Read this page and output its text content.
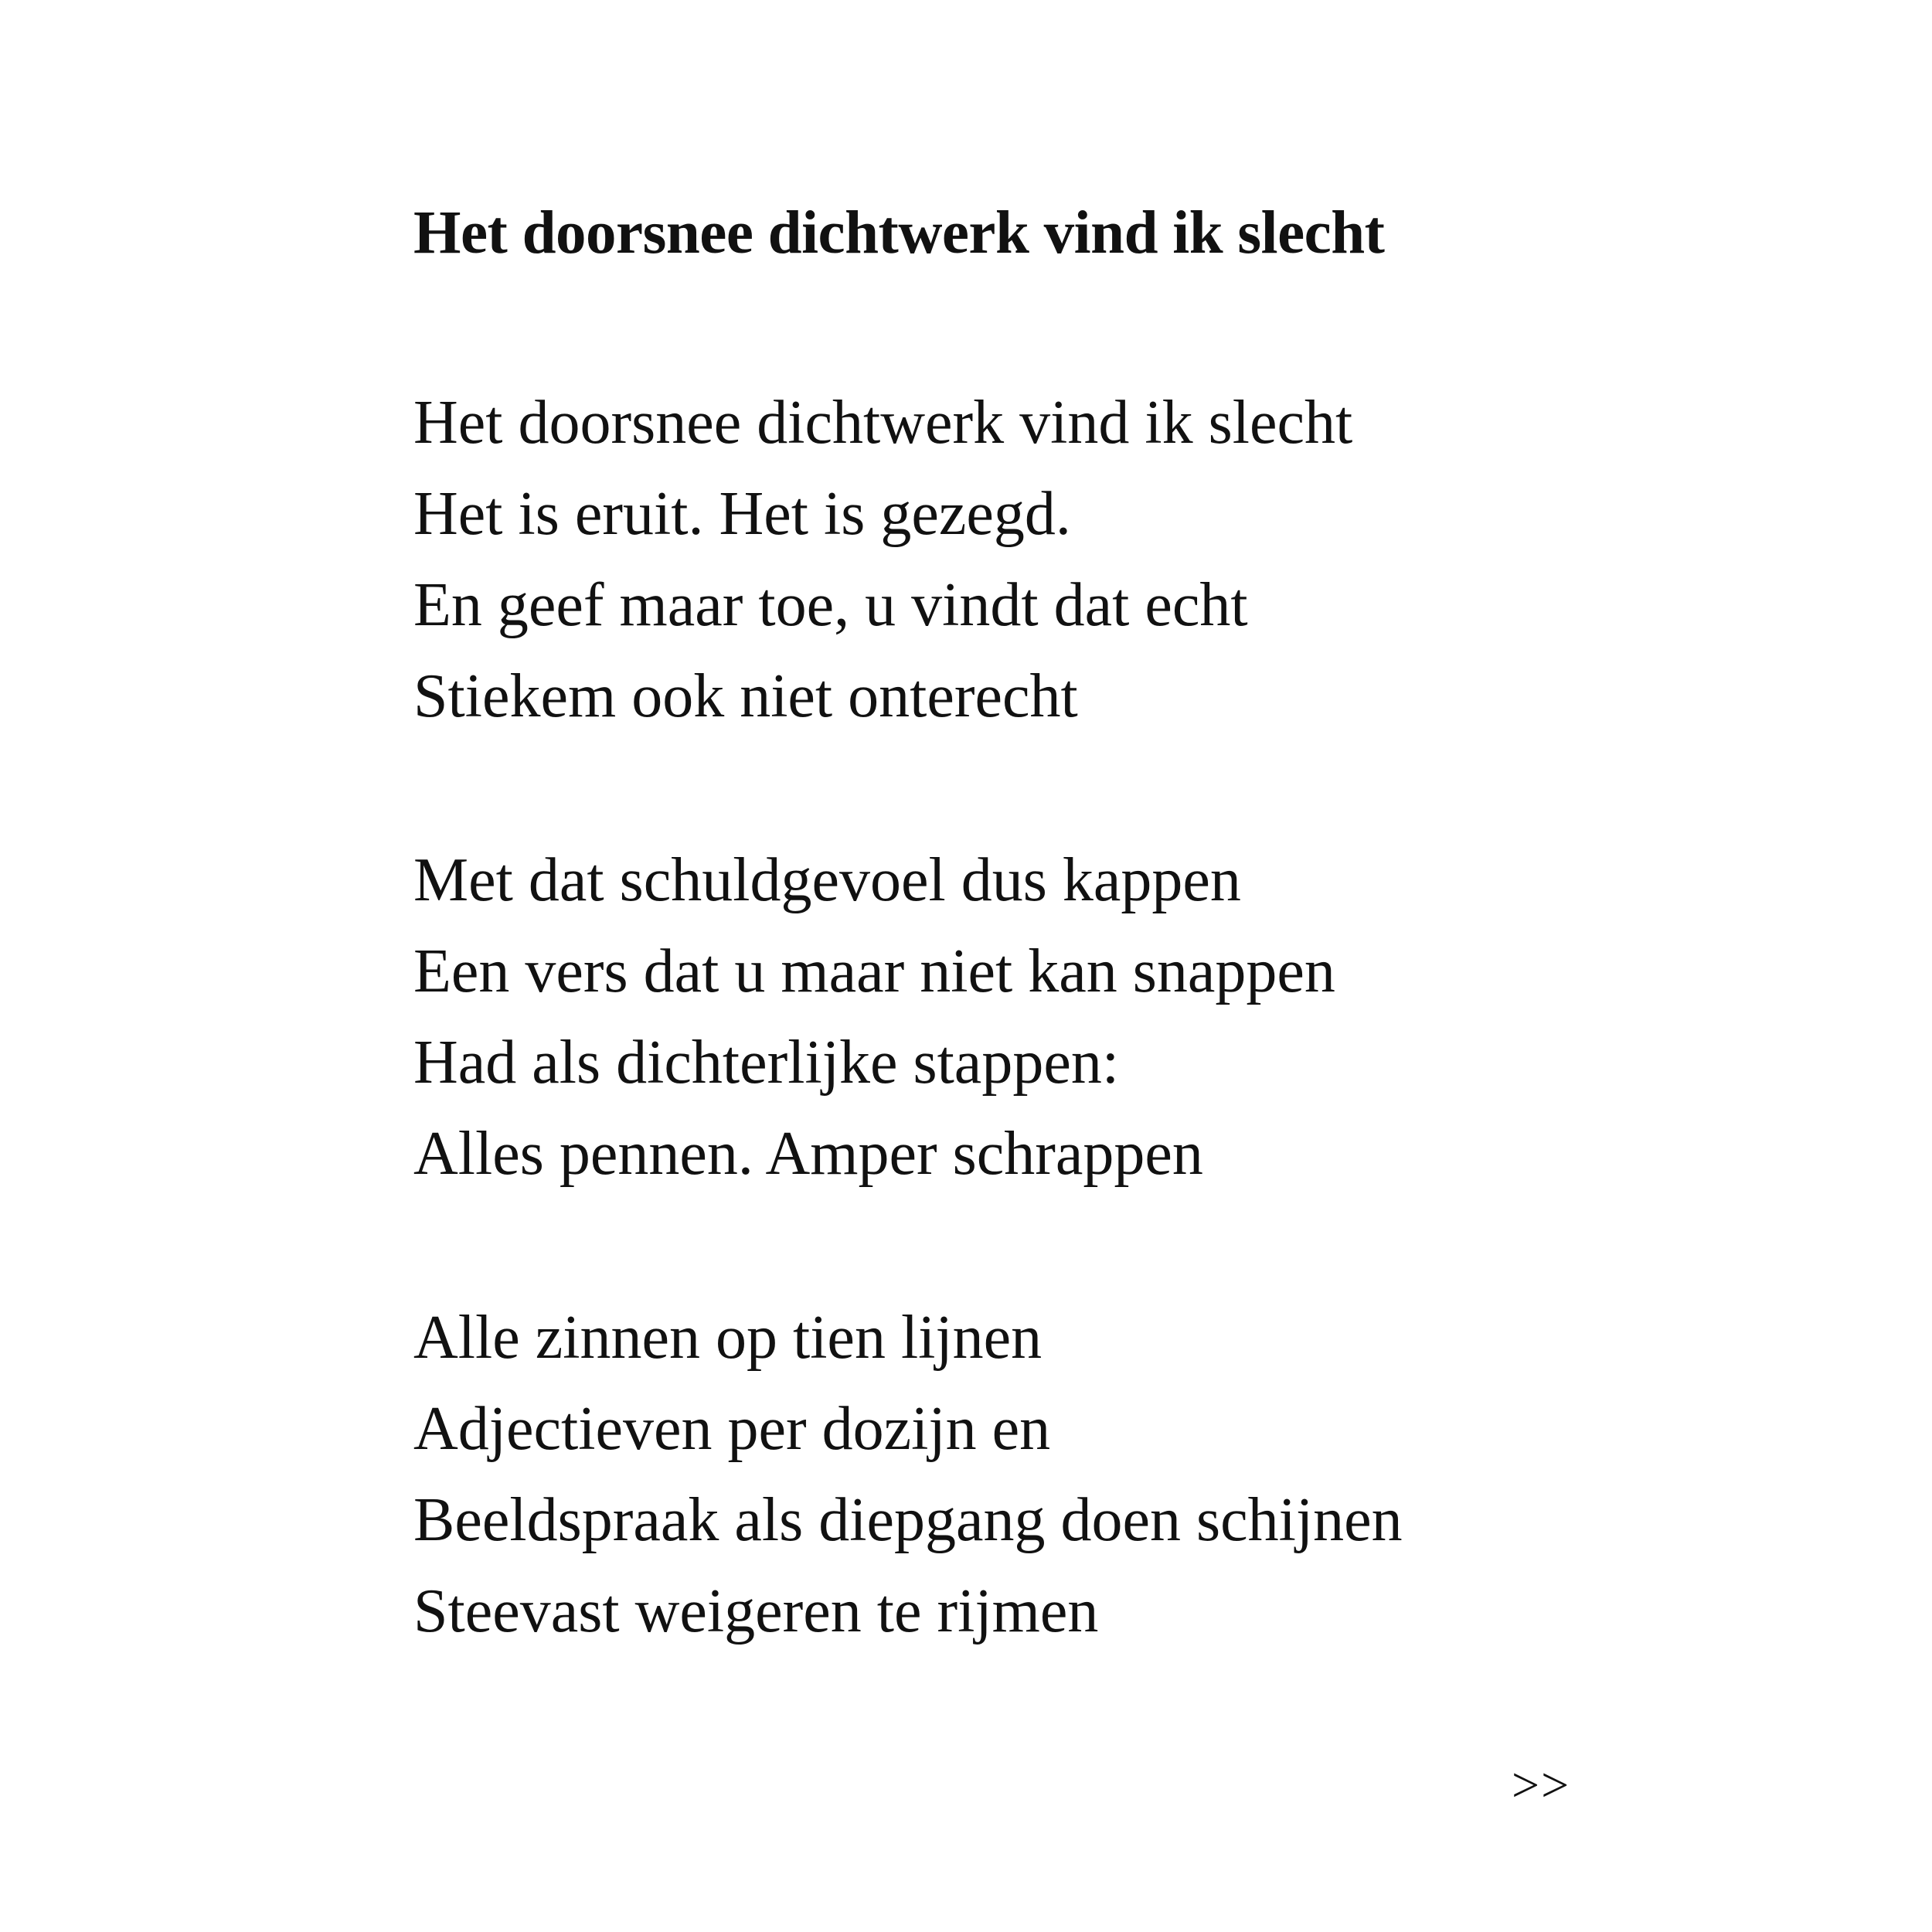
Het doorsnee dichtwerk vind ik slecht
Het doorsnee dichtwerk vind ik slecht
Het is eruit. Het is gezegd.
En geef maar toe, u vindt dat echt
Stiekem ook niet onterecht
Met dat schuldgevoel dus kappen
Een vers dat u maar niet kan snappen
Had als dichterlijke stappen:
Alles pennen. Amper schrappen
Alle zinnen op tien lijnen
Adjectieven per dozijn en
Beeldspraak als diepgang doen schijnen
Steevast weigeren te rijmen
>>
